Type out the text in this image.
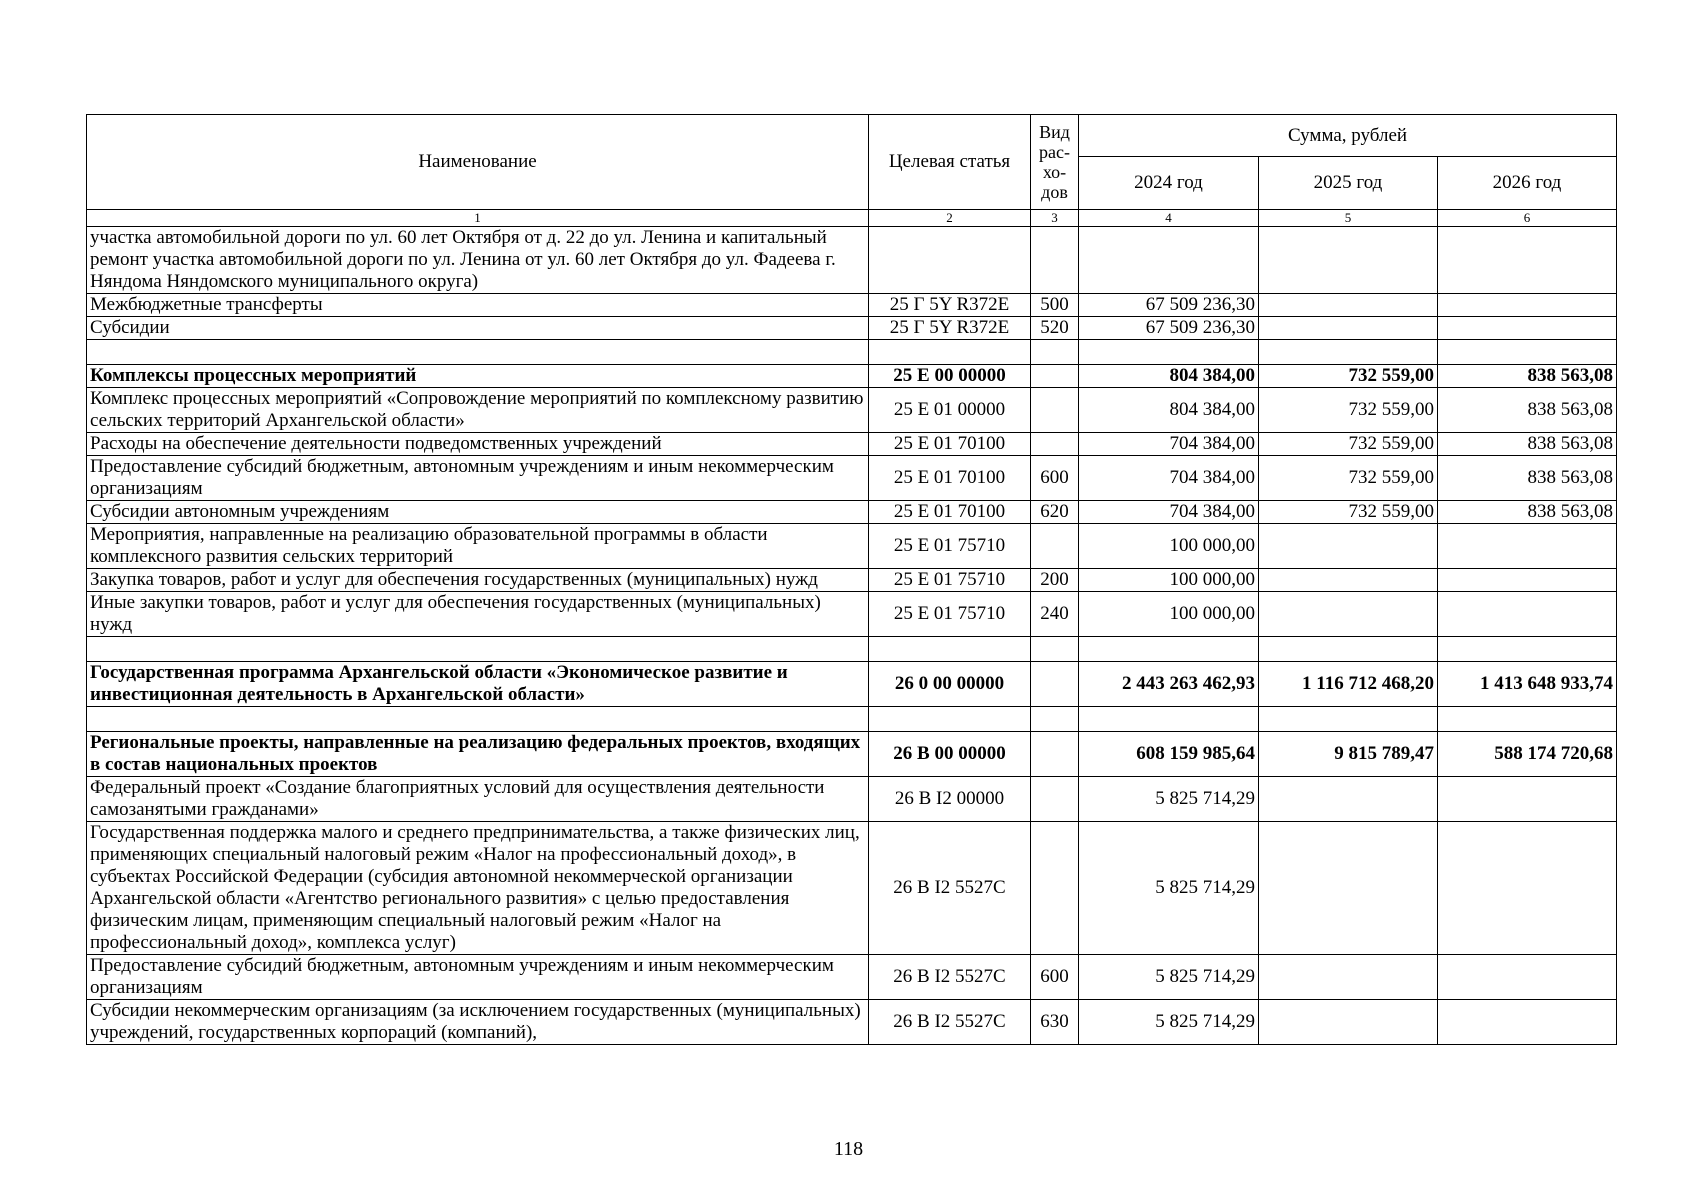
Наименование	Целевая статья	Вид рас-хо-дов	Сумма, рублей		
			2024 год	2025 год	2026 год
1	2	3	4	5	6
участка автомобильной дороги по ул. 60 лет Октября от д. 22 до ул. Ленина и капитальный ремонт участка автомобильной дороги по ул. Ленина от ул. 60 лет Октября до ул. Фадеева г. Няндома Няндомского муниципального округа)					
Межбюджетные трансферты	25 Г 5Y R372E	500	67 509 236,30		
Субсидии	25 Г 5Y R372E	520	67 509 236,30		

Комплексы процессных мероприятий	25 Е 00 00000		804 384,00	732 559,00	838 563,08
Комплекс процессных мероприятий «Сопровождение мероприятий по комплексному развитию сельских территорий Архангельской области»	25 Е 01 00000		804 384,00	732 559,00	838 563,08
Расходы на обеспечение деятельности подведомственных учреждений	25 Е 01 70100		704 384,00	732 559,00	838 563,08
Предоставление субсидий бюджетным, автономным учреждениям и иным некоммерческим организациям	25 Е 01 70100	600	704 384,00	732 559,00	838 563,08
Субсидии автономным учреждениям	25 Е 01 70100	620	704 384,00	732 559,00	838 563,08
Мероприятия, направленные на реализацию образовательной программы в области комплексного развития сельских территорий	25 Е 01 75710		100 000,00		
Закупка товаров, работ и услуг для обеспечения государственных (муниципальных) нужд	25 Е 01 75710	200	100 000,00		
Иные закупки товаров, работ и услуг для обеспечения государственных (муниципальных) нужд	25 Е 01 75710	240	100 000,00		

Государственная программа Архангельской области «Экономическое развитие и инвестиционная деятельность в Архангельской области»	26 0 00 00000		2 443 263 462,93	1 116 712 468,20	1 413 648 933,74

Региональные проекты, направленные на реализацию федеральных проектов, входящих в состав национальных проектов	26 В 00 00000		608 159 985,64	9 815 789,47	588 174 720,68
Федеральный проект «Создание благоприятных условий для осуществления деятельности самозанятыми гражданами»	26 В I2 00000		5 825 714,29		
Государственная поддержка малого и среднего предпринимательства, а также физических лиц, применяющих специальный налоговый режим «Налог на профессиональный доход», в субъектах Российской Федерации (субсидия автономной некоммерческой организации Архангельской области «Агентство регионального развития» с целью предоставления физическим лицам, применяющим специальный налоговый режим «Налог на профессиональный доход», комплекса услуг)	26 В I2 5527C		5 825 714,29		
Предоставление субсидий бюджетным, автономным учреждениям и иным некоммерческим организациям	26 В I2 5527C	600	5 825 714,29		
Субсидии некоммерческим организациям (за исключением государственных (муниципальных) учреждений, государственных корпораций (компаний),	26 В I2 5527C	630	5 825 714,29		
118
